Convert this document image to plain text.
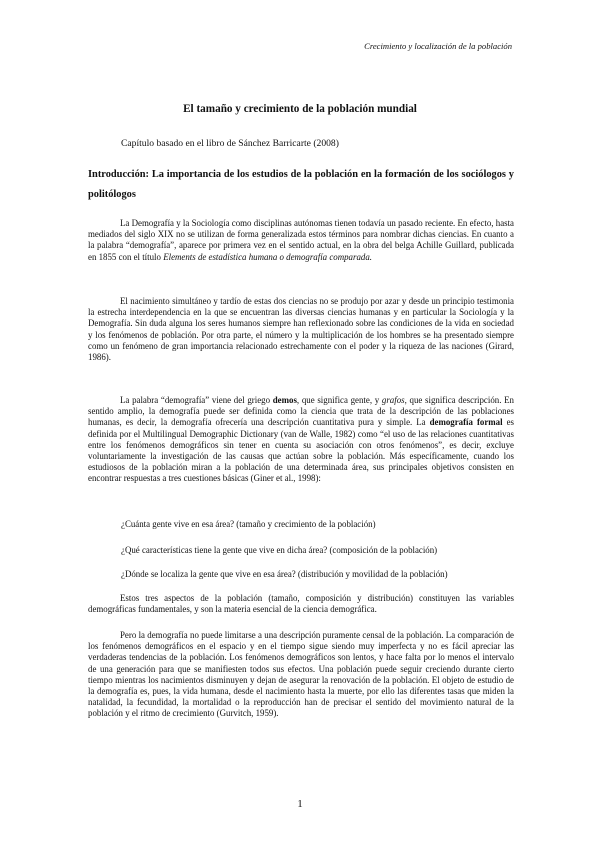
Crecimiento y localización de la población
El tamaño y crecimiento de la población mundial
Capítulo basado en el libro de Sánchez Barricarte (2008)
Introducción: La importancia de los estudios de la población en la formación de los sociólogos y politólogos

La Demografía y la Sociología como disciplinas autónomas tienen todavía un pasado reciente. En efecto, hasta mediados del siglo XIX no se utilizan de forma generalizada estos términos para nombrar dichas ciencias. En cuanto a la palabra “demografía”, aparece por primera vez en el sentido actual, en la obra del belga Achille Guillard, publicada en 1855 con el título Elements de estadística humana o demografía comparada.

El nacimiento simultáneo y tardío de estas dos ciencias no se produjo por azar y desde un principio testimonia la estrecha interdependencia en la que se encuentran las diversas ciencias humanas y en particular la Sociología y la Demografía. Sin duda alguna los seres humanos siempre han reflexionado sobre las condiciones de la vida en sociedad y los fenómenos de población. Por otra parte, el número y la multiplicación de los hombres se ha presentado siempre como un fenómeno de gran importancia relacionado estrechamente con el poder y la riqueza de las naciones (Girard, 1986).

La palabra “demografía” viene del griego demos, que significa gente, y grafos, que significa descripción. En sentido amplio, la demografía puede ser definida como la ciencia que trata de la descripción de las poblaciones humanas, es decir, la demografía ofrecería una descripción cuantitativa pura y simple. La demografía formal es definida por el Multilingual Demographic Dictionary (van de Walle, 1982) como “el uso de las relaciones cuantitativas entre los fenómenos demográficos sin tener en cuenta su asociación con otros fenómenos”, es decir, excluye voluntariamente la investigación de las causas que actúan sobre la población. Más específicamente, cuando los estudiosos de la población miran a la población de una determinada área, sus principales objetivos consisten en encontrar respuestas a tres cuestiones básicas (Giner et al., 1998):

¿Cuánta gente vive en esa área? (tamaño y crecimiento de la población)
¿Qué características tiene la gente que vive en dicha área? (composición de la población)
¿Dónde se localiza la gente que vive en esa área? (distribución y movilidad de la población)

Estos tres aspectos de la población (tamaño, composición y distribución) constituyen las variables demográficas fundamentales, y son la materia esencial de la ciencia demográfica.

Pero la demografía no puede limitarse a una descripción puramente censal de la población. La comparación de los fenómenos demográficos en el espacio y en el tiempo sigue siendo muy imperfecta y no es fácil apreciar las verdaderas tendencias de la población. Los fenómenos demográficos son lentos, y hace falta por lo menos el intervalo de una generación para que se manifiesten todos sus efectos. Una población puede seguir creciendo durante cierto tiempo mientras los nacimientos disminuyen y dejan de asegurar la renovación de la población. El objeto de estudio de la demografía es, pues, la vida humana, desde el nacimiento hasta la muerte, por ello las diferentes tasas que miden la natalidad, la fecundidad, la mortalidad o la reproducción han de precisar el sentido del movimiento natural de la población y el ritmo de crecimiento (Gurvitch, 1959).

1
